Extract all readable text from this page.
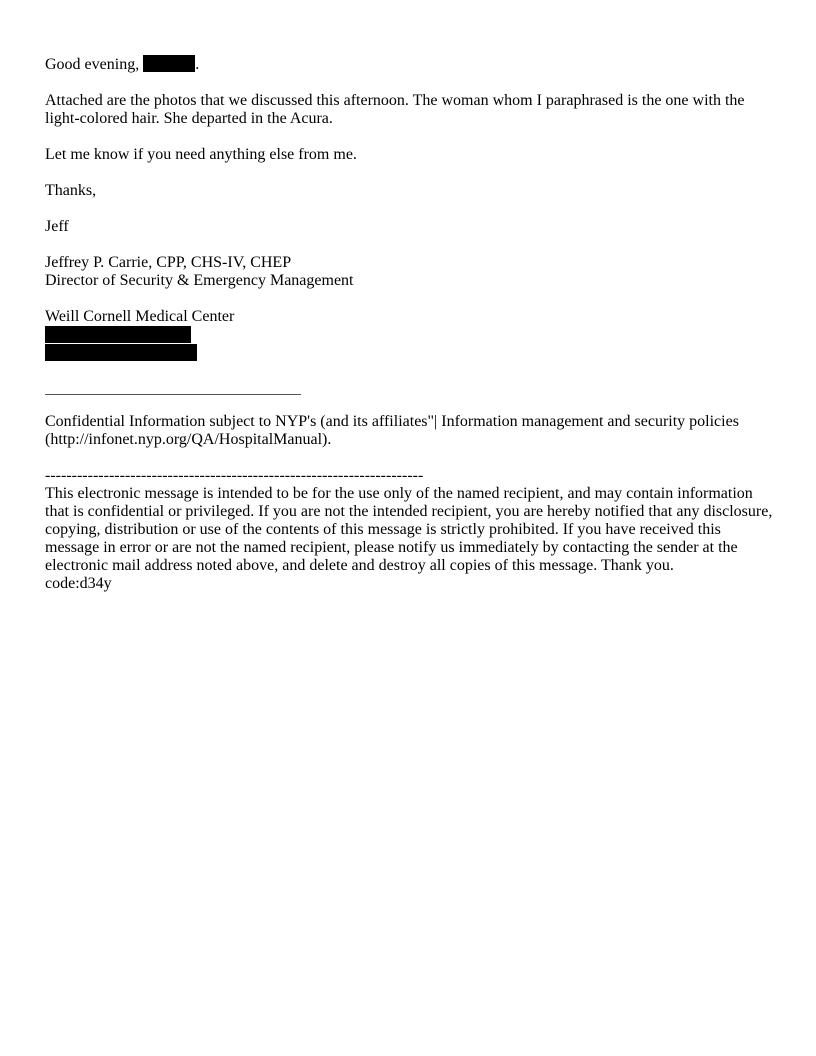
Good evening,	.

Attached are the photos that we discussed this afternoon. The woman whom I paraphrased is the one with the light-colored hair. She departed in the Acura.

Let me know if you need anything else from me.

Thanks,

Jeff

Jeffrey P. Carrie, CPP, CHS-IV, CHEP

Director of Security & Emergency Management

Weill Cornell Medical Center

Confidential Information subject to NYP's (and its affiliates"| Information management and security policies (http://infonet.nyp.org/QA/HospitalManual).

-----------------------------------------------------------------------

This electronic message is intended to be for the use only of the named recipient, and may contain information that is confidential or privileged. If you are not the intended recipient, you are hereby notified that any disclosure, copying, distribution or use of the contents of this message is strictly prohibited. If you have received this message in error or are not the named recipient, please notify us immediately by contacting the sender at the electronic mail address noted above, and delete and destroy all copies of this message. Thank you.

code:d34y
